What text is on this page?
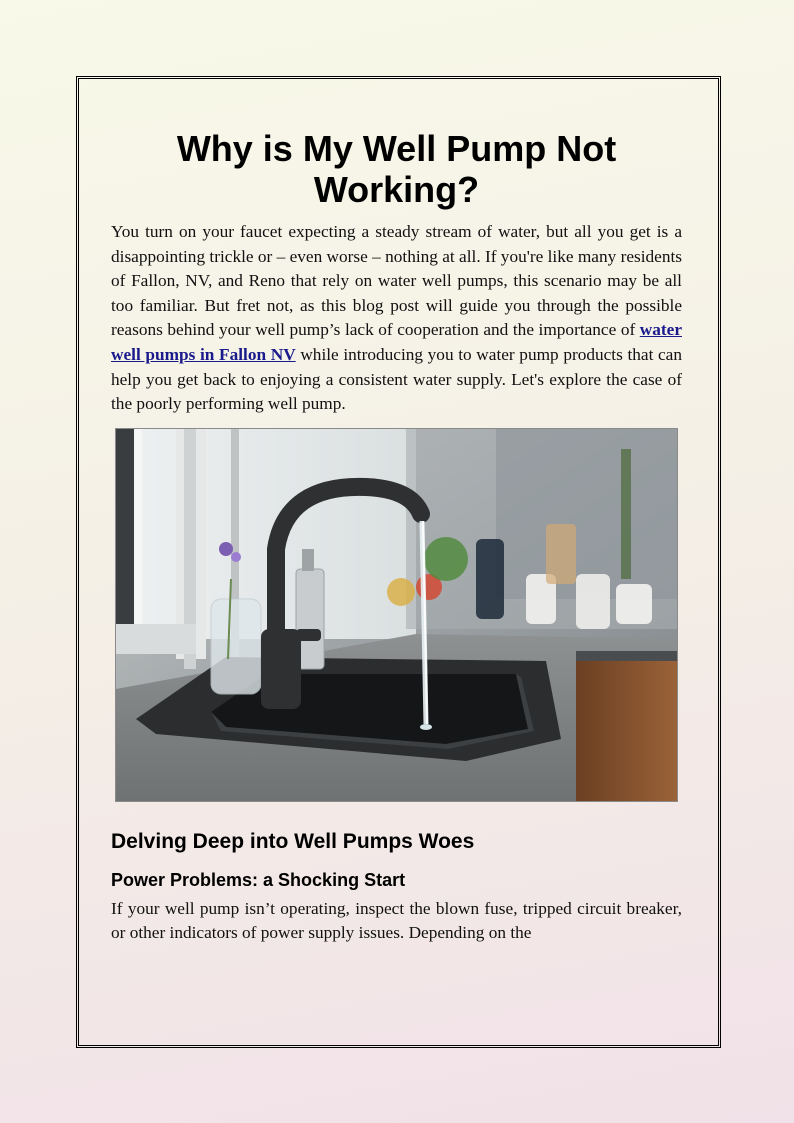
Why is My Well Pump Not Working?

You turn on your faucet expecting a steady stream of water, but all you get is a disappointing trickle or – even worse – nothing at all. If you're like many residents of Fallon, NV, and Reno that rely on water well pumps, this scenario may be all too familiar. But fret not, as this blog post will guide you through the possible reasons behind your well pump’s lack of cooperation and the importance of water well pumps in Fallon NV while introducing you to water pump products that can help you get back to enjoying a consistent water supply. Let's explore the case of the poorly performing well pump.

Delving Deep into Well Pumps Woes
Power Problems: a Shocking Start

If your well pump isn’t operating, inspect the blown fuse, tripped circuit breaker, or other indicators of power supply issues. Depending on the
